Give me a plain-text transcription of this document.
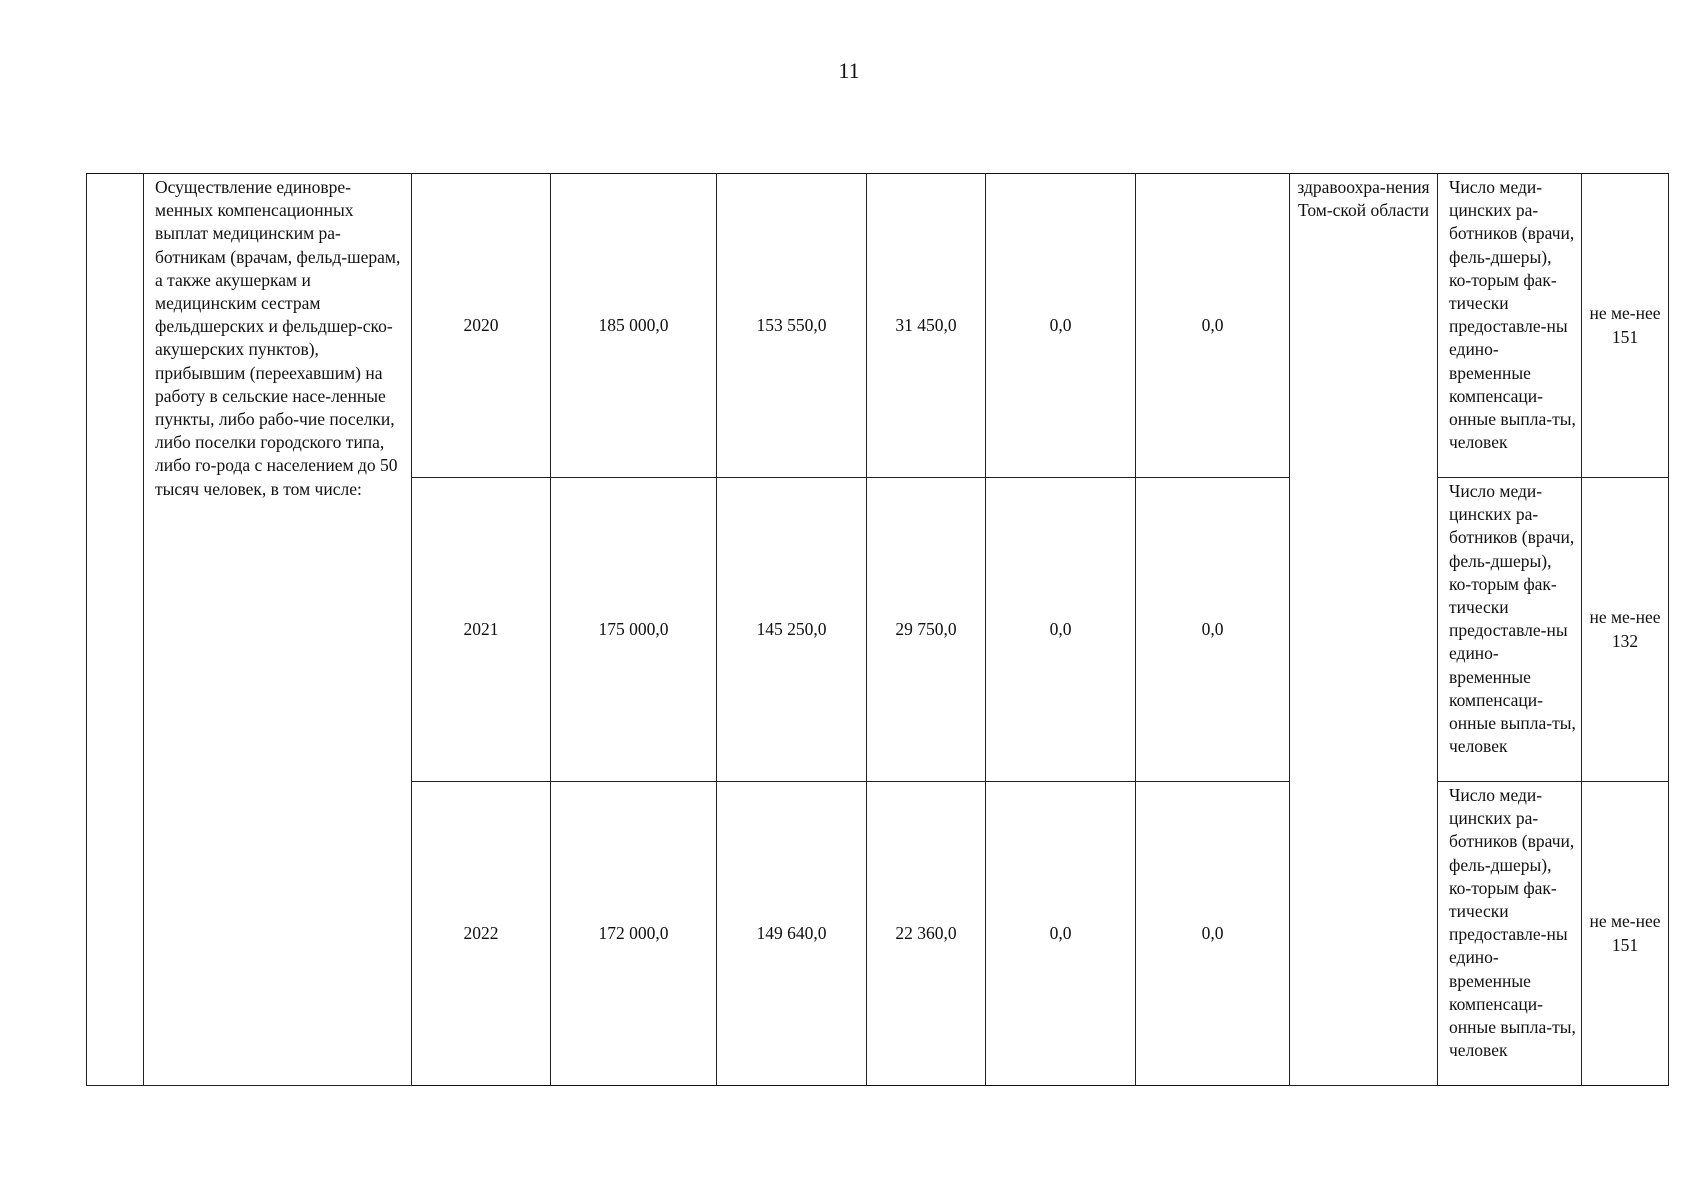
11
	Осуществление единовре-менных компенсационных выплат медицинским ра-ботникам (врачам, фельд-шерам, а также акушеркам и медицинским сестрам фельдшерских и фельдшер-ско-акушерских пунктов), прибывшим (переехавшим) на работу в сельские насе-ленные пункты, либо рабо-чие поселки, либо поселки городского типа, либо го-рода с населением до 50 тысяч человек, в том числе:	2020	185 000,0	153 550,0	31 450,0	0,0	0,0	здравоохра-нения Том-ской области	Число меди-цинских ра-ботников (врачи, фель-дшеры), ко-торым фак-тически предоставле-ны едино-временные компенсаци-онные выпла-ты, человек	не ме-нее 151
		2021	175 000,0	145 250,0	29 750,0	0,0	0,0		Число меди-цинских ра-ботников (врачи, фель-дшеры), ко-торым фак-тически предоставле-ны едино-временные компенсаци-онные выпла-ты, человек	не ме-нее 132
		2022	172 000,0	149 640,0	22 360,0	0,0	0,0		Число меди-цинских ра-ботников (врачи, фель-дшеры), ко-торым фак-тически предоставле-ны едино-временные компенсаци-онные выпла-ты, человек	не ме-нее 151
